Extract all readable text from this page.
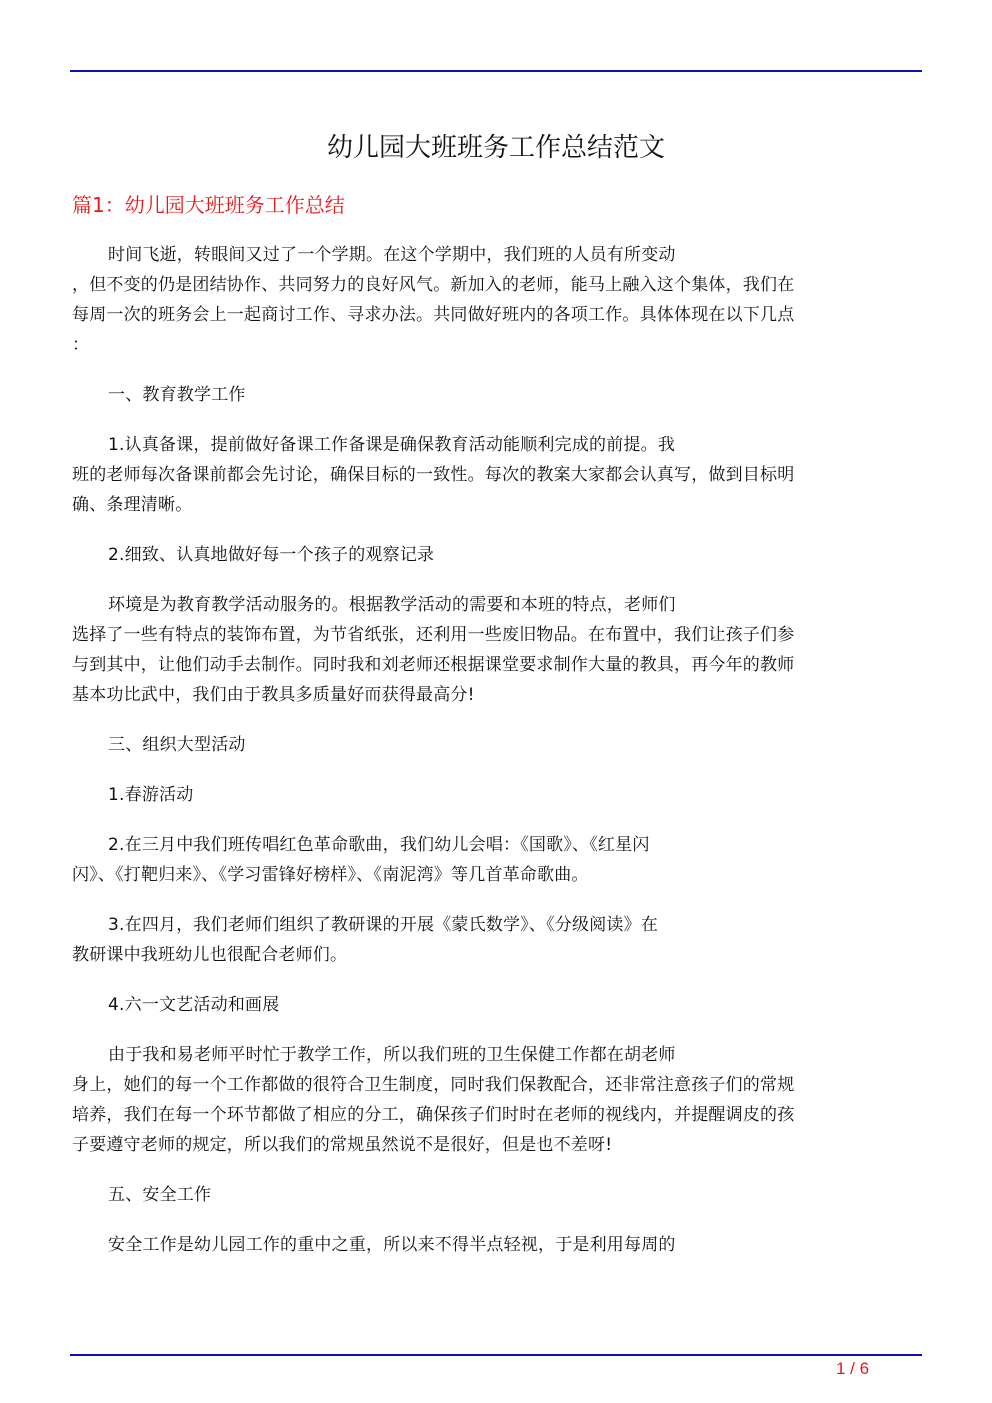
幼儿园大班班务工作总结范文
篇1：幼儿园大班班务工作总结
时间飞逝，转眼间又过了一个学期。在这个学期中，我们班的人员有所变动
，但不变的仍是团结协作、共同努力的良好风气。新加入的老师，能马上融入这个集体，我们在
每周一次的班务会上一起商讨工作、寻求办法。共同做好班内的各项工作。具体体现在以下几点
：
一、教育教学工作
1.认真备课，提前做好备课工作备课是确保教育活动能顺利完成的前提。我
班的老师每次备课前都会先讨论，确保目标的一致性。每次的教案大家都会认真写，做到目标明
确、条理清晰。
2.细致、认真地做好每一个孩子的观察记录
环境是为教育教学活动服务的。根据教学活动的需要和本班的特点，老师们
选择了一些有特点的装饰布置，为节省纸张，还利用一些废旧物品。在布置中，我们让孩子们参
与到其中，让他们动手去制作。同时我和刘老师还根据课堂要求制作大量的教具，再今年的教师
基本功比武中，我们由于教具多质量好而获得最高分!
三、组织大型活动
1.春游活动
2.在三月中我们班传唱红色革命歌曲，我们幼儿会唱：《国歌》、《红星闪
闪》、《打靶归来》、《学习雷锋好榜样》、《南泥湾》等几首革命歌曲。
3.在四月，我们老师们组织了教研课的开展《蒙氏数学》、《分级阅读》在
教研课中我班幼儿也很配合老师们。
4.六一文艺活动和画展
由于我和易老师平时忙于教学工作，所以我们班的卫生保健工作都在胡老师
身上，她们的每一个工作都做的很符合卫生制度，同时我们保教配合，还非常注意孩子们的常规
培养，我们在每一个环节都做了相应的分工，确保孩子们时时在老师的视线内，并提醒调皮的孩
子要遵守老师的规定，所以我们的常规虽然说不是很好，但是也不差呀!
五、安全工作
安全工作是幼儿园工作的重中之重，所以来不得半点轻视，于是利用每周的
1 / 6
